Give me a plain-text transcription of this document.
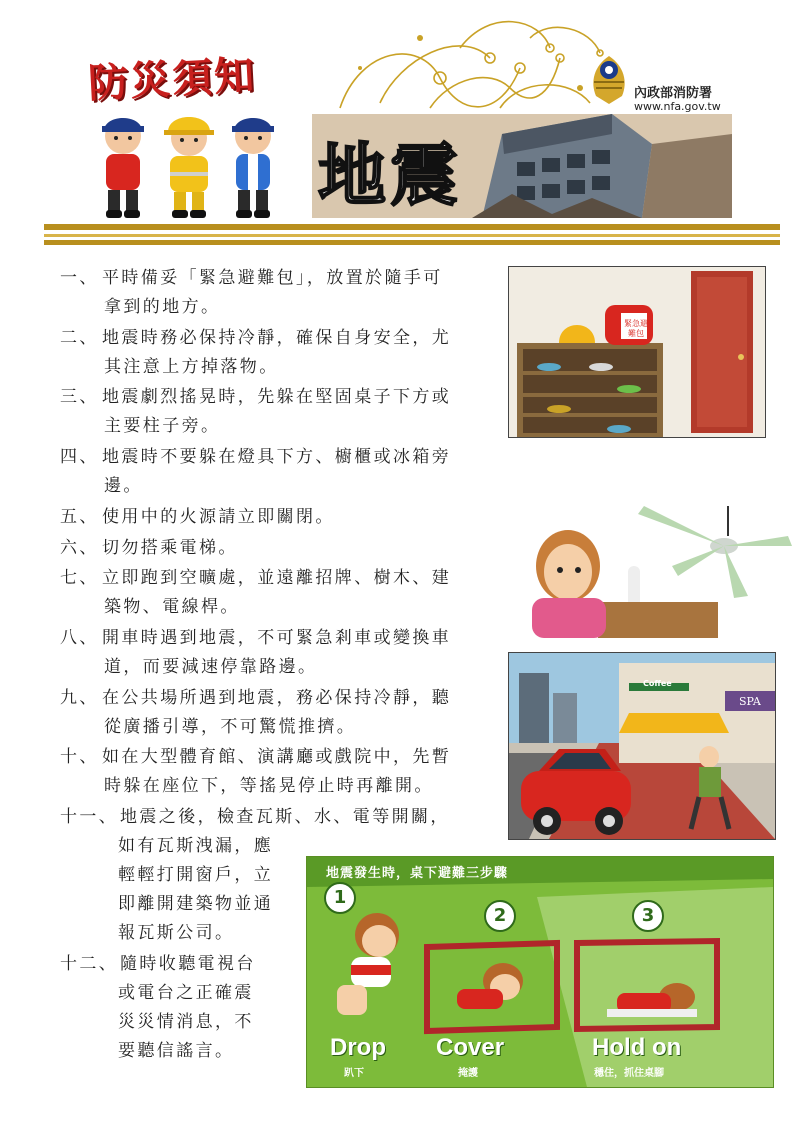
防災須知	內政部消防署
www.nfa.gov.tw
地震
一、 平時備妥「緊急避難包」，放置於隨手可
拿到的地方。
二、 地震時務必保持冷靜，確保自身安全，尤
其注意上方掉落物。
三、 地震劇烈搖晃時，先躲在堅固桌子下方或
主要柱子旁。
四、 地震時不要躲在燈具下方、櫥櫃或冰箱旁
邊。
五、 使用中的火源請立即關閉。
六、 切勿搭乘電梯。
七、 立即跑到空曠處，並遠離招牌、樹木、建
築物、電線桿。
八、 開車時遇到地震，不可緊急剎車或變換車
道，而要減速停靠路邊。
九、 在公共場所遇到地震，務必保持冷靜，聽
從廣播引導，不可驚慌推擠。
十、 如在大型體育館、演講廳或戲院中，先暫
時躲在座位下，等搖晃停止時再離開。
十一、 地震之後，檢查瓦斯、水、電等開關，
如有瓦斯洩漏，應
輕輕打開窗戶，立
即離開建築物並通
報瓦斯公司。
十二、 隨時收聽電視台
或電台之正確震
災災情消息，不
要聽信謠言。
緊急避難包
Coffee
SPA
地震發生時，桌下避難三步驟
1
2	3
Drop Cover	Hold on
趴下	掩護	穩住，抓住桌腳
